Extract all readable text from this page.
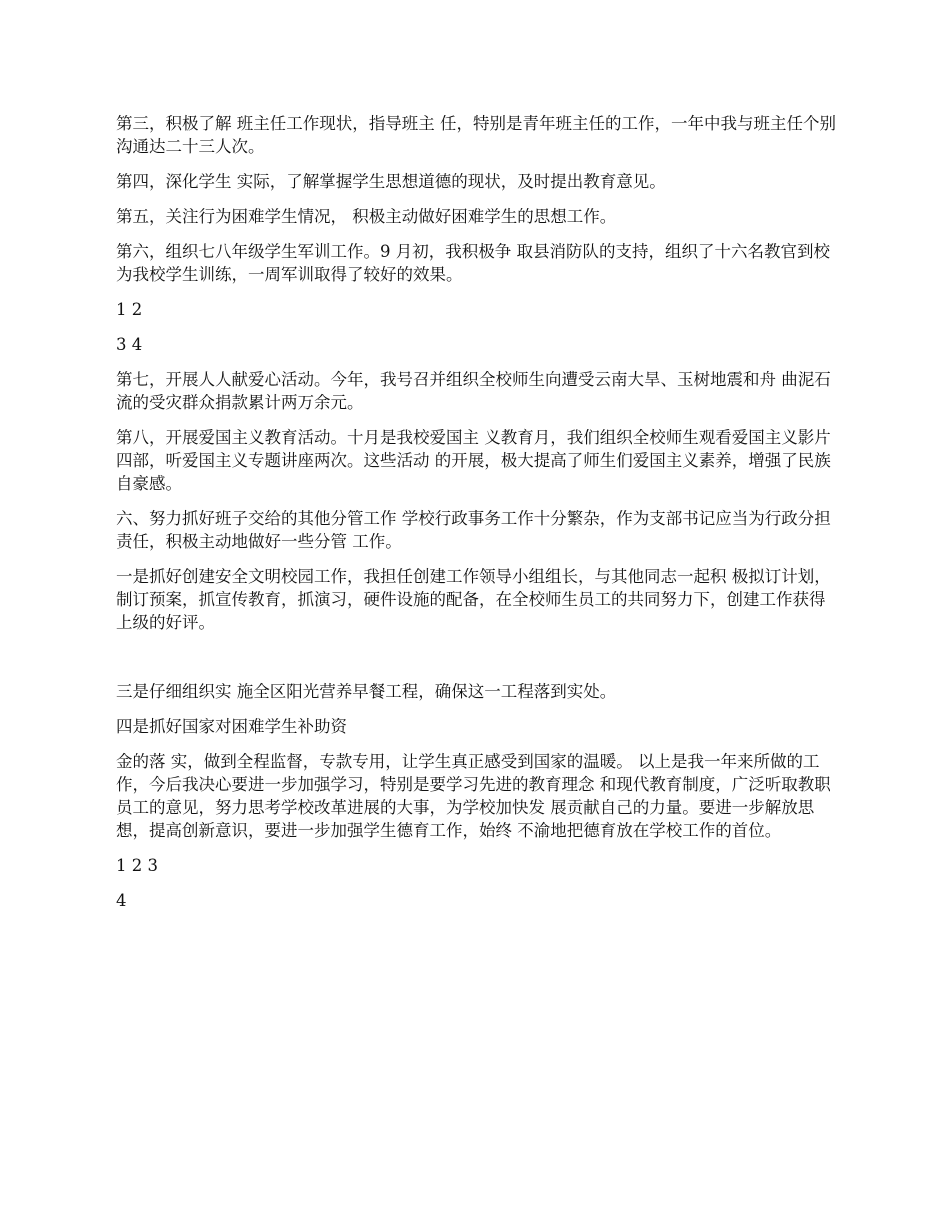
第三，积极了解 班主任工作现状，指导班主 任，特别是青年班主任的工作，一年中我与班主任个别沟通达二十三人次。

第四，深化学生 实际，了解掌握学生思想道德的现状，及时提出教育意见。

第五，关注行为困难学生情况， 积极主动做好困难学生的思想工作。

第六，组织七八年级学生军训工作。9 月初，我积极争 取县消防队的支持，组织了十六名教官到校为我校学生训练，一周军训取得了较好的效果。

1 2

3 4

第七，开展人人献爱心活动。今年，我号召并组织全校师生向遭受云南大旱、玉树地震和舟 曲泥石流的受灾群众捐款累计两万余元。

第八，开展爱国主义教育活动。十月是我校爱国主 义教育月，我们组织全校师生观看爱国主义影片四部，听爱国主义专题讲座两次。这些活动 的开展，极大提高了师生们爱国主义素养，增强了民族自豪感。

六、努力抓好班子交给的其他分管工作 学校行政事务工作十分繁杂，作为支部书记应当为行政分担责任，积极主动地做好一些分管 工作。

一是抓好创建安全文明校园工作，我担任创建工作领导小组组长，与其他同志一起积 极拟订计划，制订预案，抓宣传教育，抓演习，硬件设施的配备，在全校师生员工的共同努力下，创建工作获得上级的好评。

三是仔细组织实 施全区阳光营养早餐工程，确保这一工程落到实处。

四是抓好国家对困难学生补助资

金的落 实，做到全程监督，专款专用，让学生真正感受到国家的温暖。 以上是我一年来所做的工作，今后我决心要进一步加强学习，特别是要学习先进的教育理念 和现代教育制度，广泛听取教职员工的意见，努力思考学校改革进展的大事，为学校加快发 展贡献自己的力量。要进一步解放思想，提高创新意识，要进一步加强学生德育工作，始终 不渝地把德育放在学校工作的首位。

1 2 3

4
